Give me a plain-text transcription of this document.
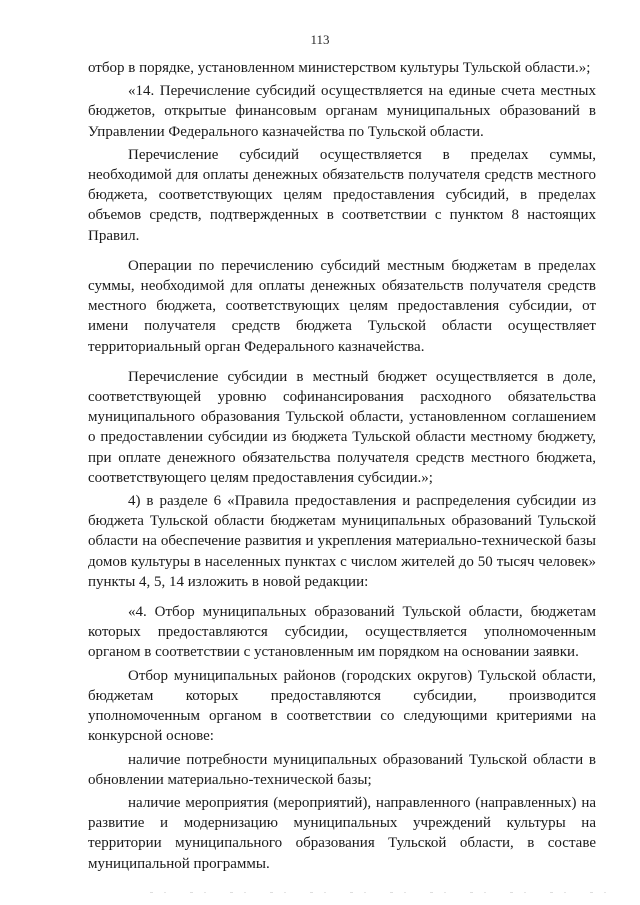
113

отбор в порядке, установленном министерством культуры Тульской области.»;

«14. Перечисление субсидий осуществляется на единые счета местных бюджетов, открытые финансовым органам муниципальных образований в Управлении Федерального казначейства по Тульской области.

Перечисление субсидий осуществляется в пределах суммы, необходимой для оплаты денежных обязательств получателя средств местного бюджета, соответствующих целям предоставления субсидий, в пределах объемов средств, подтвержденных в соответствии с пунктом 8 настоящих Правил.

Операции по перечислению субсидий местным бюджетам в пределах суммы, необходимой для оплаты денежных обязательств получателя средств местного бюджета, соответствующих целям предоставления субсидии, от имени получателя средств бюджета Тульской области осуществляет территориальный орган Федерального казначейства.

Перечисление субсидии в местный бюджет осуществляется в доле, соответствующей уровню софинансирования расходного обязательства муниципального образования Тульской области, установленном соглашением о предоставлении субсидии из бюджета Тульской области местному бюджету, при оплате денежного обязательства получателя средств местного бюджета, соответствующего целям предоставления субсидии.»;

4) в разделе 6 «Правила предоставления и распределения субсидии из бюджета Тульской области бюджетам муниципальных образований Тульской области на обеспечение развития и укрепления материально-технической базы домов культуры в населенных пунктах с числом жителей до 50 тысяч человек» пункты 4, 5, 14 изложить в новой редакции:

«4. Отбор муниципальных образований Тульской области, бюджетам которых предоставляются субсидии, осуществляется уполномоченным органом в соответствии с установленным им порядком на основании заявки.

Отбор муниципальных районов (городских округов) Тульской области, бюджетам которых предоставляются субсидии, производится уполномоченным органом в соответствии со следующими критериями на конкурсной основе:

наличие потребности муниципальных образований Тульской области в обновлении материально-технической базы;

наличие мероприятия (мероприятий), направленного (направленных) на развитие и модернизацию муниципальных учреждений культуры на территории муниципального образования Тульской области, в составе муниципальной программы.
